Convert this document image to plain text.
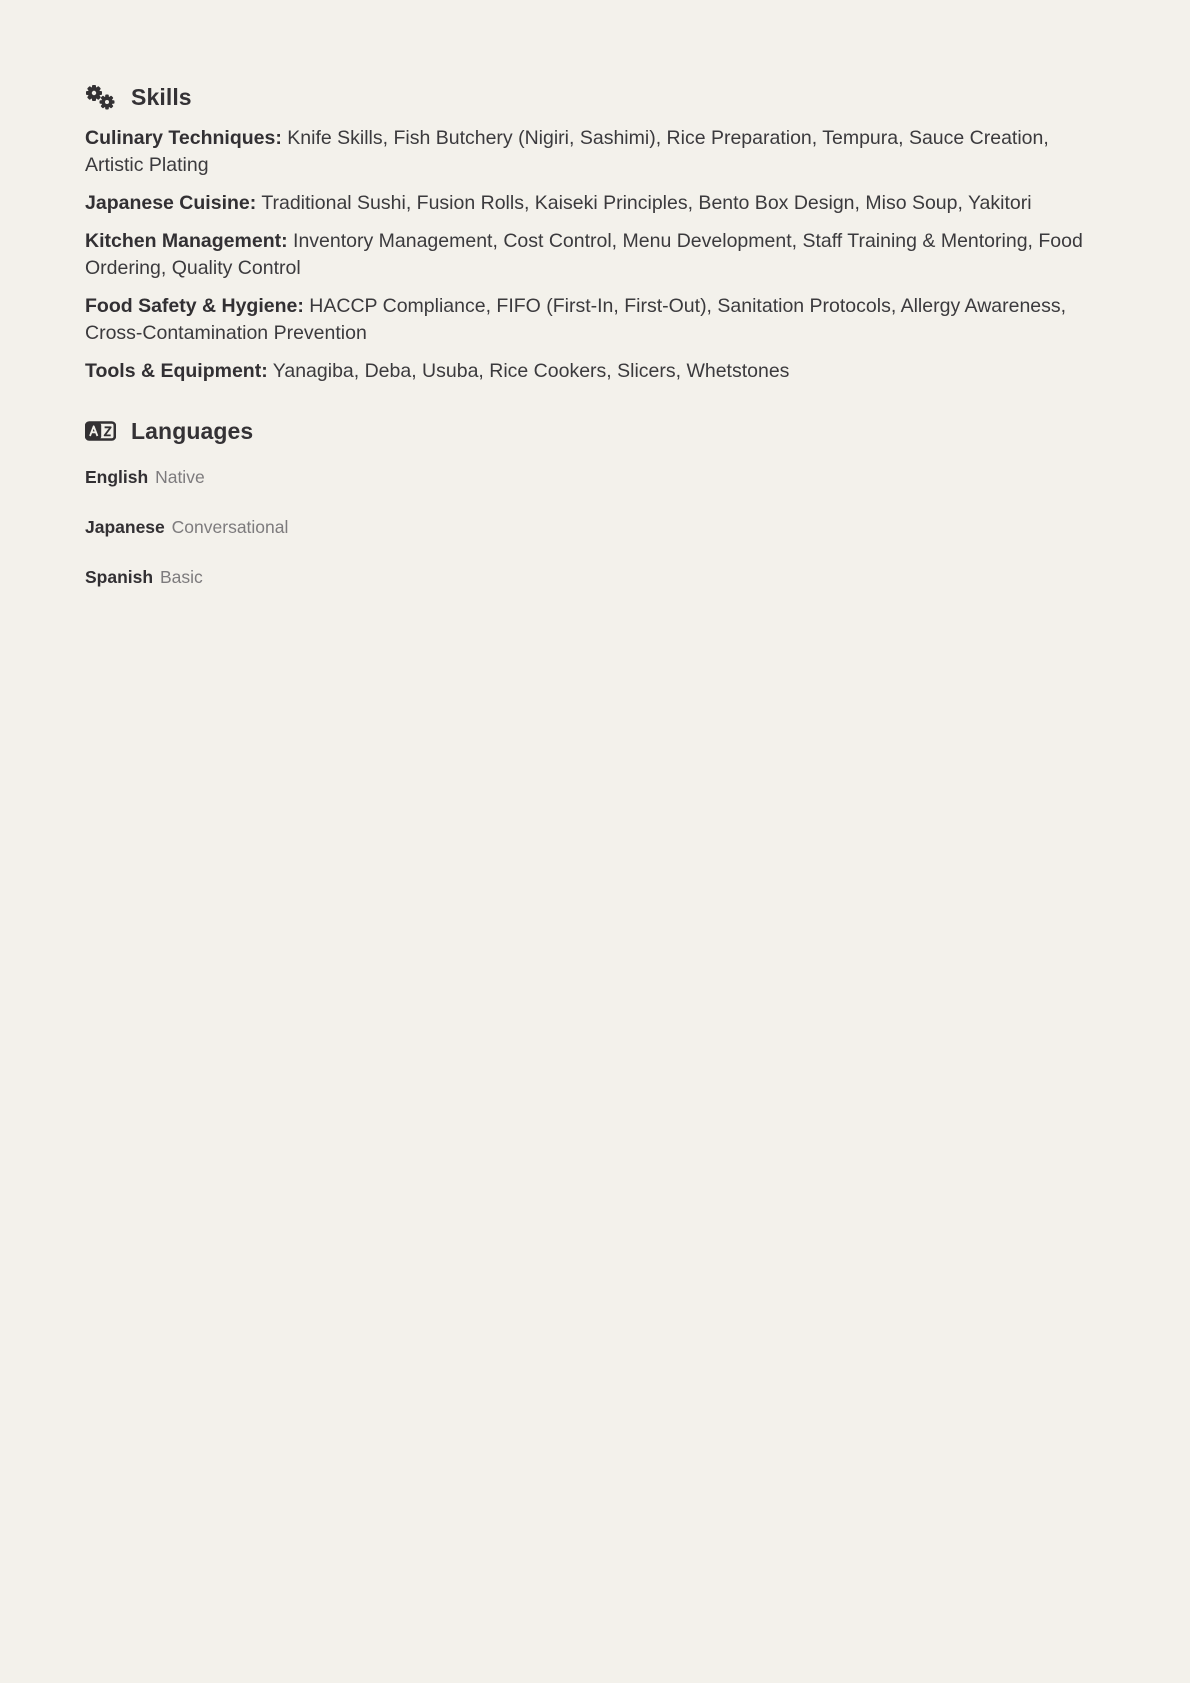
Skills
Culinary Techniques: Knife Skills, Fish Butchery (Nigiri, Sashimi), Rice Preparation, Tempura, Sauce Creation, Artistic Plating
Japanese Cuisine: Traditional Sushi, Fusion Rolls, Kaiseki Principles, Bento Box Design, Miso Soup, Yakitori
Kitchen Management: Inventory Management, Cost Control, Menu Development, Staff Training & Mentoring, Food Ordering, Quality Control
Food Safety & Hygiene: HACCP Compliance, FIFO (First-In, First-Out), Sanitation Protocols, Allergy Awareness, Cross-Contamination Prevention
Tools & Equipment: Yanagiba, Deba, Usuba, Rice Cookers, Slicers, Whetstones
Languages
English Native
Japanese Conversational
Spanish Basic
